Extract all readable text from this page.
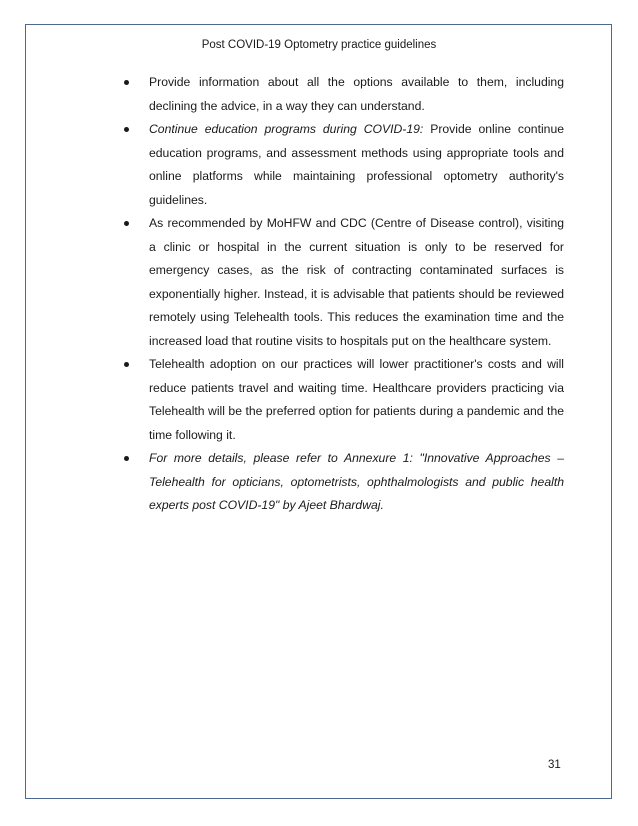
Post COVID-19 Optometry practice guidelines
Provide information about all the options available to them, including declining the advice, in a way they can understand.
Continue education programs during COVID-19: Provide online continue education programs, and assessment methods using appropriate tools and online platforms while maintaining professional optometry authority's guidelines.
As recommended by MoHFW and CDC (Centre of Disease control), visiting a clinic or hospital in the current situation is only to be reserved for emergency cases, as the risk of contracting contaminated surfaces is exponentially higher. Instead, it is advisable that patients should be reviewed remotely using Telehealth tools. This reduces the examination time and the increased load that routine visits to hospitals put on the healthcare system.
Telehealth adoption on our practices will lower practitioner's costs and will reduce patients travel and waiting time. Healthcare providers practicing via Telehealth will be the preferred option for patients during a pandemic and the time following it.
For more details, please refer to Annexure 1: "Innovative Approaches – Telehealth for opticians, optometrists, ophthalmologists and public health experts post COVID-19" by Ajeet Bhardwaj.
31
